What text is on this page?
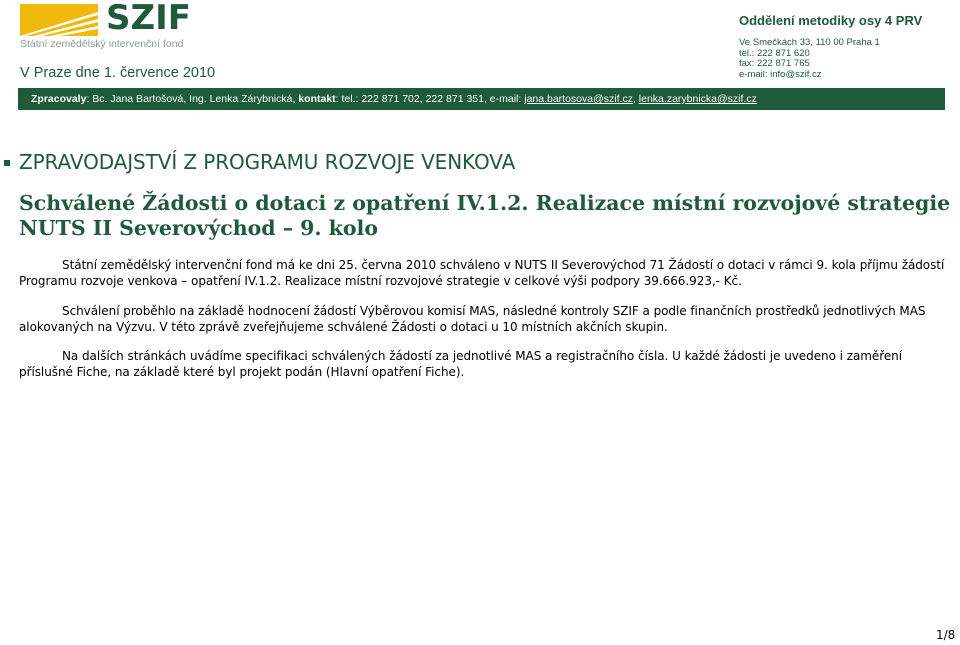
SZIF
Státní zemědělský intervenční fond
V Praze dne 1. července 2010
Oddělení metodiky osy 4 PRV
Ve Smečkách 33, 110 00 Praha 1
tel.: 222 871 620
fax: 222 871 765
e-mail: info@szif.cz
Zpracovaly: Bc. Jana Bartošová, Ing. Lenka Zárybnická, kontakt: tel.: 222 871 702, 222 871 351, e-mail: jana.bartosova@szif.cz, lenka.zarybnicka@szif.cz
ZPRAVODAJSTVÍ Z PROGRAMU ROZVOJE VENKOVA
Schválené Žádosti o dotaci z opatření IV.1.2. Realizace místní rozvojové strategie NUTS II Severovýchod – 9. kolo
Státní zemědělský intervenční fond má ke dni 25. června 2010 schváleno v NUTS II Severovýchod 71 Žádostí o dotaci v rámci 9. kola příjmu žádostí Programu rozvoje venkova – opatření IV.1.2. Realizace místní rozvojové strategie v celkové výši podpory 39.666.923,- Kč.
Schválení proběhlo na základě hodnocení žádostí Výběrovou komisí MAS, následné kontroly SZIF a podle finančních prostředků jednotlivých MAS alokovaných na Výzvu. V této zprávě zveřejňujeme schválené Žádosti o dotaci u 10 místních akčních skupin.
Na dalších stránkách uvádíme specifikaci schválených žádostí za jednotlivé MAS a registračního čísla. U každé žádosti je uvedeno i zaměření příslušné Fiche, na základě které byl projekt podán (Hlavní opatření Fiche).
1/8
